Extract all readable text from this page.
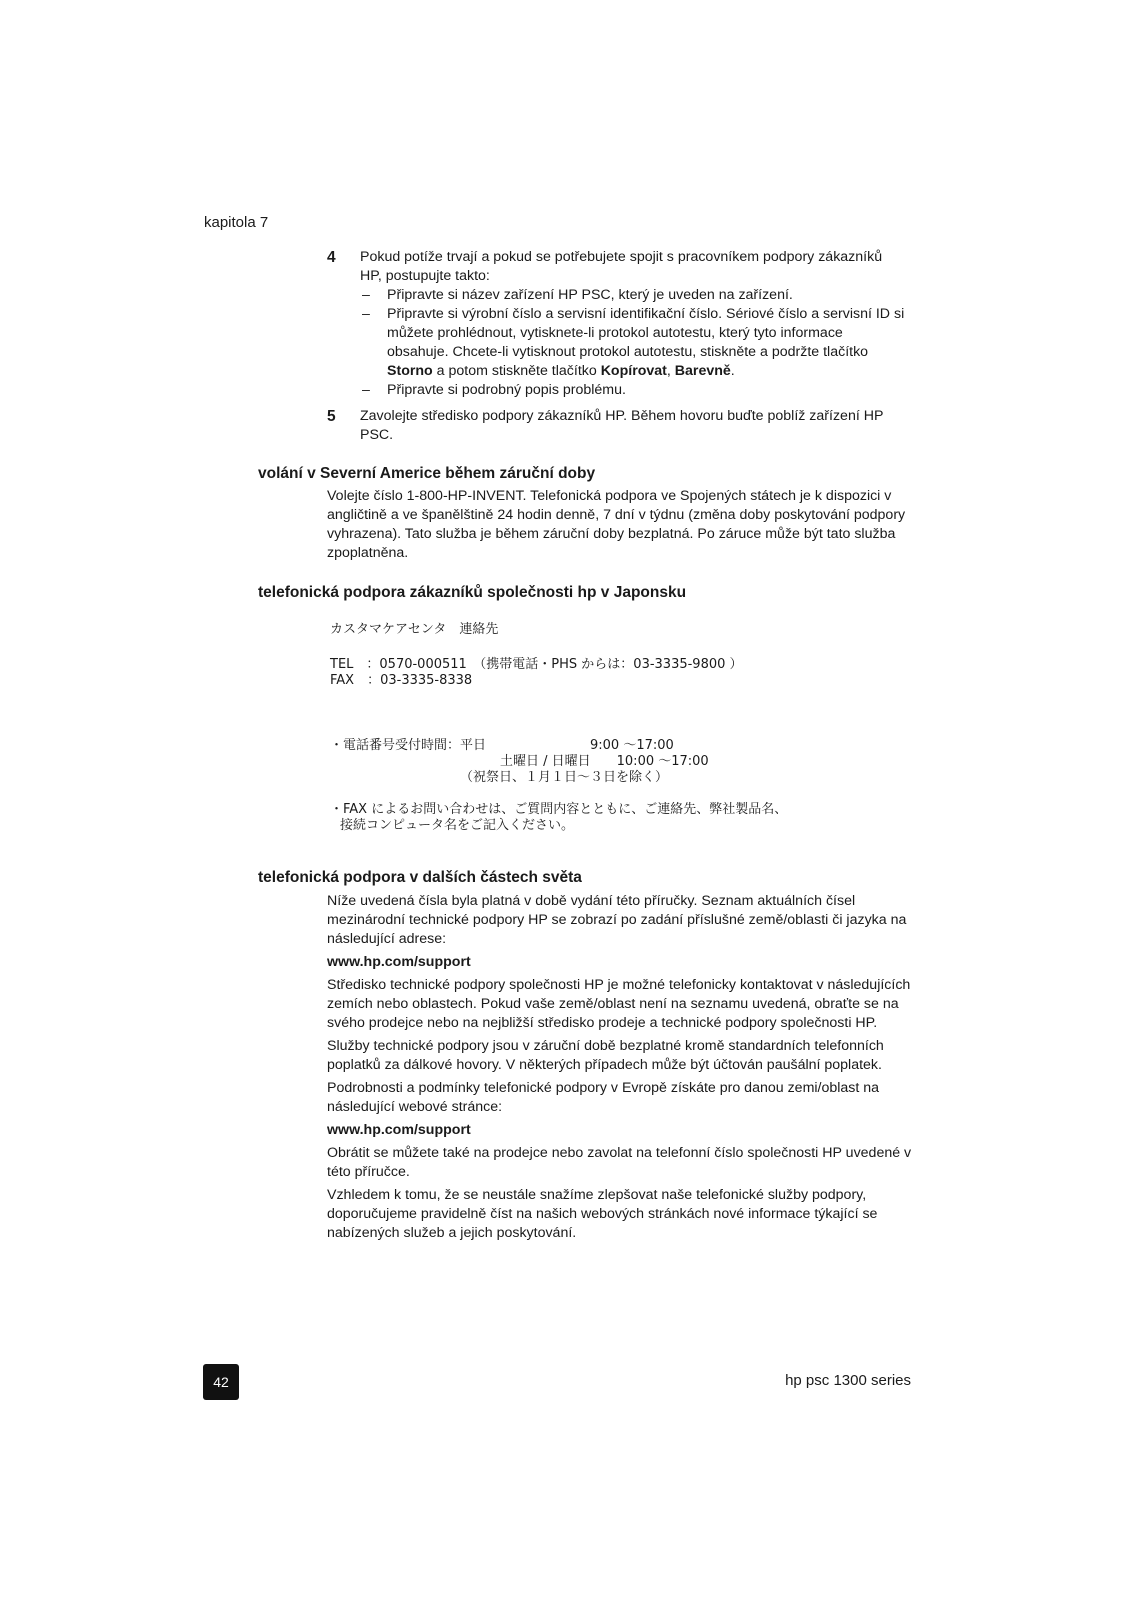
kapitola 7
4 Pokud potíže trvají a pokud se potřebujete spojit s pracovníkem podpory zákazníků HP, postupujte takto:
– Připravte si název zařízení HP PSC, který je uveden na zařízení.
– Připravte si výrobní číslo a servisní identifikační číslo. Sériové číslo a servisní ID si můžete prohlédnout, vytisknete-li protokol autotestu, který tyto informace obsahuje. Chcete-li vytisknout protokol autotestu, stiskněte a podržte tlačítko Storno a potom stiskněte tlačítko Kopírovat, Barevně.
– Připravte si podrobný popis problému.
5 Zavolejte středisko podpory zákazníků HP. Během hovoru buďte poblíž zařízení HP PSC.
volání v Severní Americe během záruční doby

Volejte číslo 1-800-HP-INVENT. Telefonická podpora ve Spojených státech je k dispozici v angličtině a ve španělštině 24 hodin denně, 7 dní v týdnu (změna doby poskytování podpory vyhrazena). Tato služba je během záruční doby bezplatná. Po záruce může být tato služba zpoplatněna.

telefonická podpora zákazníků společnosti hp v Japonsku
カスタマケアセンタ　連絡先
TEL　：0570-000511　（携帯電話・PHS からは：03-3335-9800 ）
FAX　：03-3335-8338
・電話番号受付時間：平日　　　　　　　　9:00 ～17:00
土曜日 / 日曜日　　10:00 ～17:00
（祝祭日、１月１日～３日を除く）
・FAX によるお問い合わせは、ご質問内容とともに、ご連絡先、弊社製品名、
接続コンピュータ名をご記入ください。
telefonická podpora v dalších částech světa

Níže uvedená čísla byla platná v době vydání této příručky. Seznam aktuálních čísel mezinárodní technické podpory HP se zobrazí po zadání příslušné země/oblasti či jazyka na následující adrese:

www.hp.com/support

Středisko technické podpory společnosti HP je možné telefonicky kontaktovat v následujících zemích nebo oblastech. Pokud vaše země/oblast není na seznamu uvedená, obraťte se na svého prodejce nebo na nejbližší středisko prodeje a technické podpory společnosti HP.

Služby technické podpory jsou v záruční době bezplatné kromě standardních telefonních poplatků za dálkové hovory. V některých případech může být účtován paušální poplatek.

Podrobnosti a podmínky telefonické podpory v Evropě získáte pro danou zemi/oblast na následující webové stránce:

www.hp.com/support

Obrátit se můžete také na prodejce nebo zavolat na telefonní číslo společnosti HP uvedené v této příručce.

Vzhledem k tomu, že se neustále snažíme zlepšovat naše telefonické služby podpory, doporučujeme pravidelně číst na našich webových stránkách nové informace týkající se nabízených služeb a jejich poskytování.

42	hp psc 1300 series
